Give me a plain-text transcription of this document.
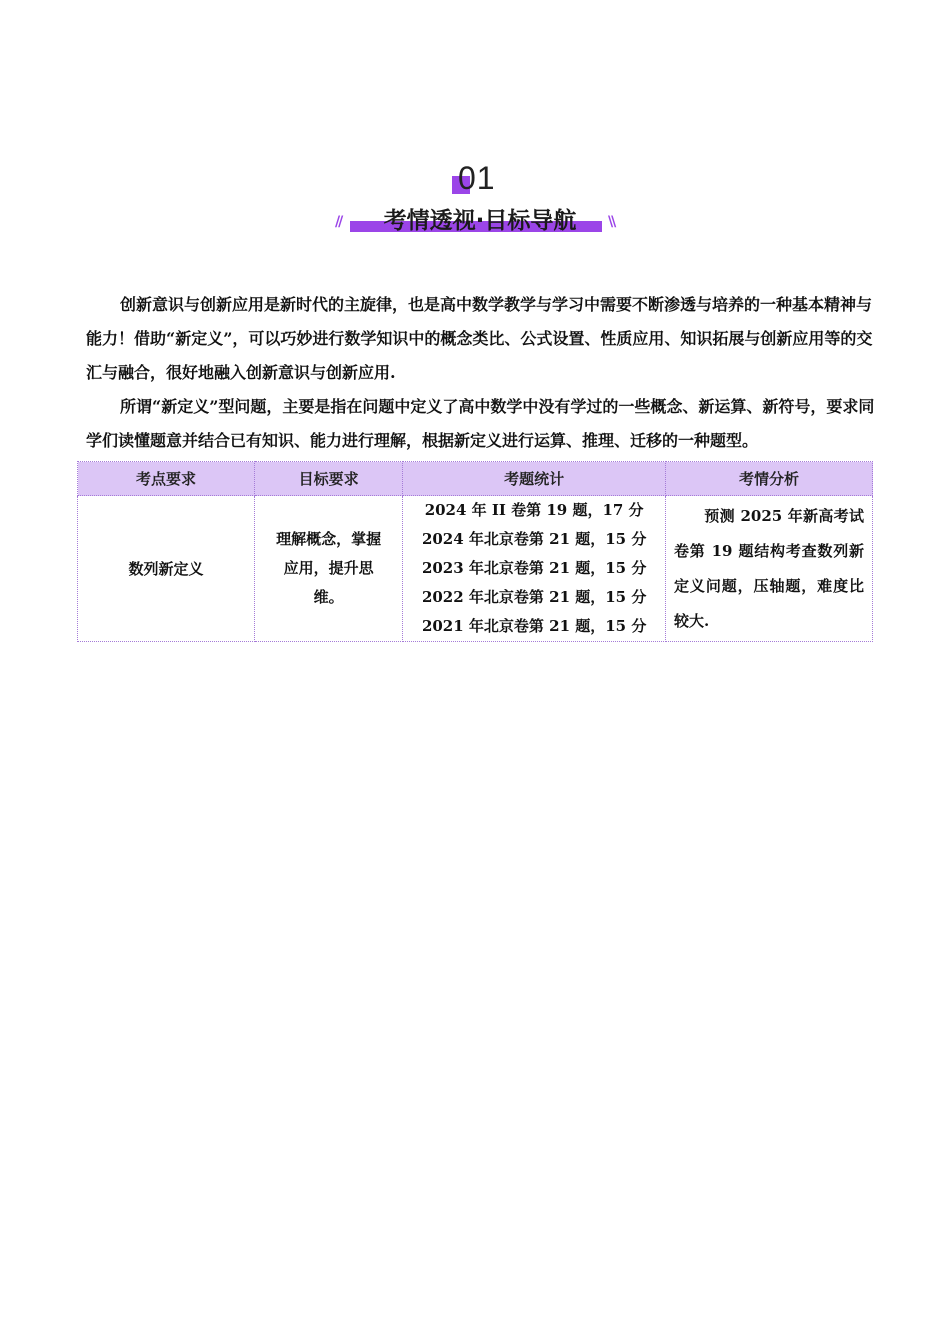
01
//	考情透视·目标导航	\\

创新意识与创新应用是新时代的主旋律，也是高中数学教学与学习中需要不断渗透与培养的一种基本精神与能力！借助“新定义”，可以巧妙进行数学知识中的概念类比、公式设置、性质应用、知识拓展与创新应用等的交汇与融合，很好地融入创新意识与创新应用.

所谓“新定义”型问题，主要是指在问题中定义了高中数学中没有学过的一些概念、新运算、新符号，要求同学们读懂题意并结合已有知识、能力进行理解，根据新定义进行运算、推理、迁移的一种题型。

考点要求	目标要求	考题统计	考情分析
数列新定义	理解概念，掌握应用，提升思维。	2024 年 II 卷第 19 题，17 分
2024 年北京卷第 21 题，15 分
2023 年北京卷第 21 题，15 分
2022 年北京卷第 21 题，15 分
2021 年北京卷第 21 题，15 分	预测 2025 年新高考试卷第 19 题结构考查数列新定义问题，压轴题，难度比较大.
